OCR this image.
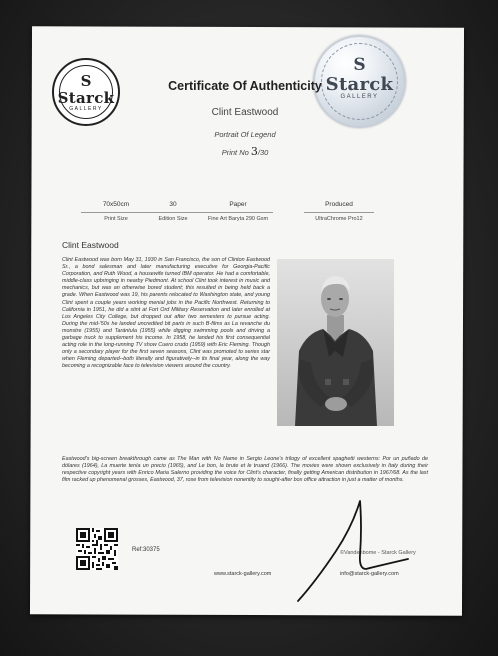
S
Starck
GALLERY
S
Starck
GALLERY
Certificate Of Authenticity
Clint Eastwood
Portrait Of Legend
Print No 3/30
70x50cm
Print Size
30
Edition Size
Paper
Fine Art Baryta 290 Gsm
Produced
UltraChrome Pro12
Clint Eastwood
Clint Eastwood was born May 31, 1930 in San Francisco, the son of Clinton Eastwood Sr., a bond salesman and later manufacturing executive for Georgia-Pacific Corporation, and Ruth Wood, a housewife turned IBM operator. He had a comfortable, middle-class upbringing in nearby Piedmont. At school Clint took interest in music and mechanics, but was an otherwise bored student; this resulted in being held back a grade. When Eastwood was 19, his parents relocated to Washington state, and young Clint spent a couple years working menial jobs in the Pacific Northwest. Returning to California in 1951, he did a stint at Fort Ord Military Reservation and later enrolled at Los Angeles City College, but dropped out after two semesters to pursue acting. During the mid-'50s he landed uncredited bit parts in such B-films as La revanche du monstre (1955) and Tarántula (1955) while digging swimming pools and driving a garbage truck to supplement his income. In 1958, he landed his first consequential acting role in the long-running TV show Cuero crudo (1959) with Eric Fleming. Though only a secondary player for the first seven seasons, Clint was promoted to series star when Fleming departed--both literally and figuratively--in its final year, along the way becoming a recognizable face to television viewers around the country.
Eastwood's big-screen breakthrough came as The Man with No Name in Sergio Leone's trilogy of excellent spaghetti westerns: Por un puñado de dólares (1964), La muerte tenía un precio (1965), and Le bon, la brute et le truand (1966). The movies were shown exclusively in Italy during their respective copyright years with Enrico Maria Salerno providing the voice for Clint's character, finally getting American distribution in 1967/68. As the last film racked up phenomenal grosses, Eastwood, 37, rose from television nonentity to sought-after box office attraction in just a matter of months.
Ref:30375
www.starck-gallery.com
©Vandenbome - Starck Gallery
info@starck-gallery.com
